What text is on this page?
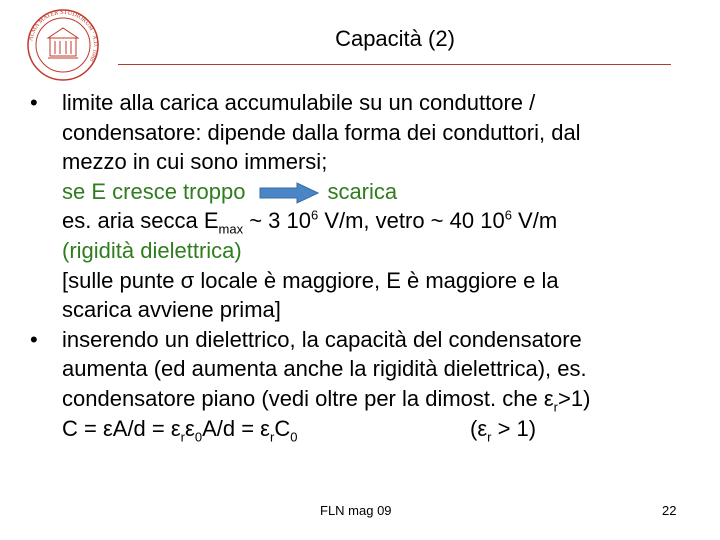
ALMA MATER STUDIORUM · A.D. 1088
Capacità (2)
•	limite alla carica accumulabile su un conduttore /
condensatore: dipende dalla forma dei conduttori, dal
mezzo in cui sono immersi;
se E cresce troppo	scarica
es. aria secca $E_{max}$ ~ 3 $10^6$ V/m, vetro ~ 40 $10^6$ V/m
(rigidità dielettrica)
[sulle punte σ locale è maggiore, E è maggiore e la
scarica avviene prima]
•	inserendo un dielettrico, la capacità del condensatore
aumenta (ed aumenta anche la rigidità dielettrica), es.
condensatore piano (vedi oltre per la dimost. che $\varepsilon_r>1$)
$C = \varepsilon A/d = \varepsilon_r\varepsilon_0A/d = \varepsilon_rC_0$	$(\varepsilon_r > 1)$
FLN mag 09	22
